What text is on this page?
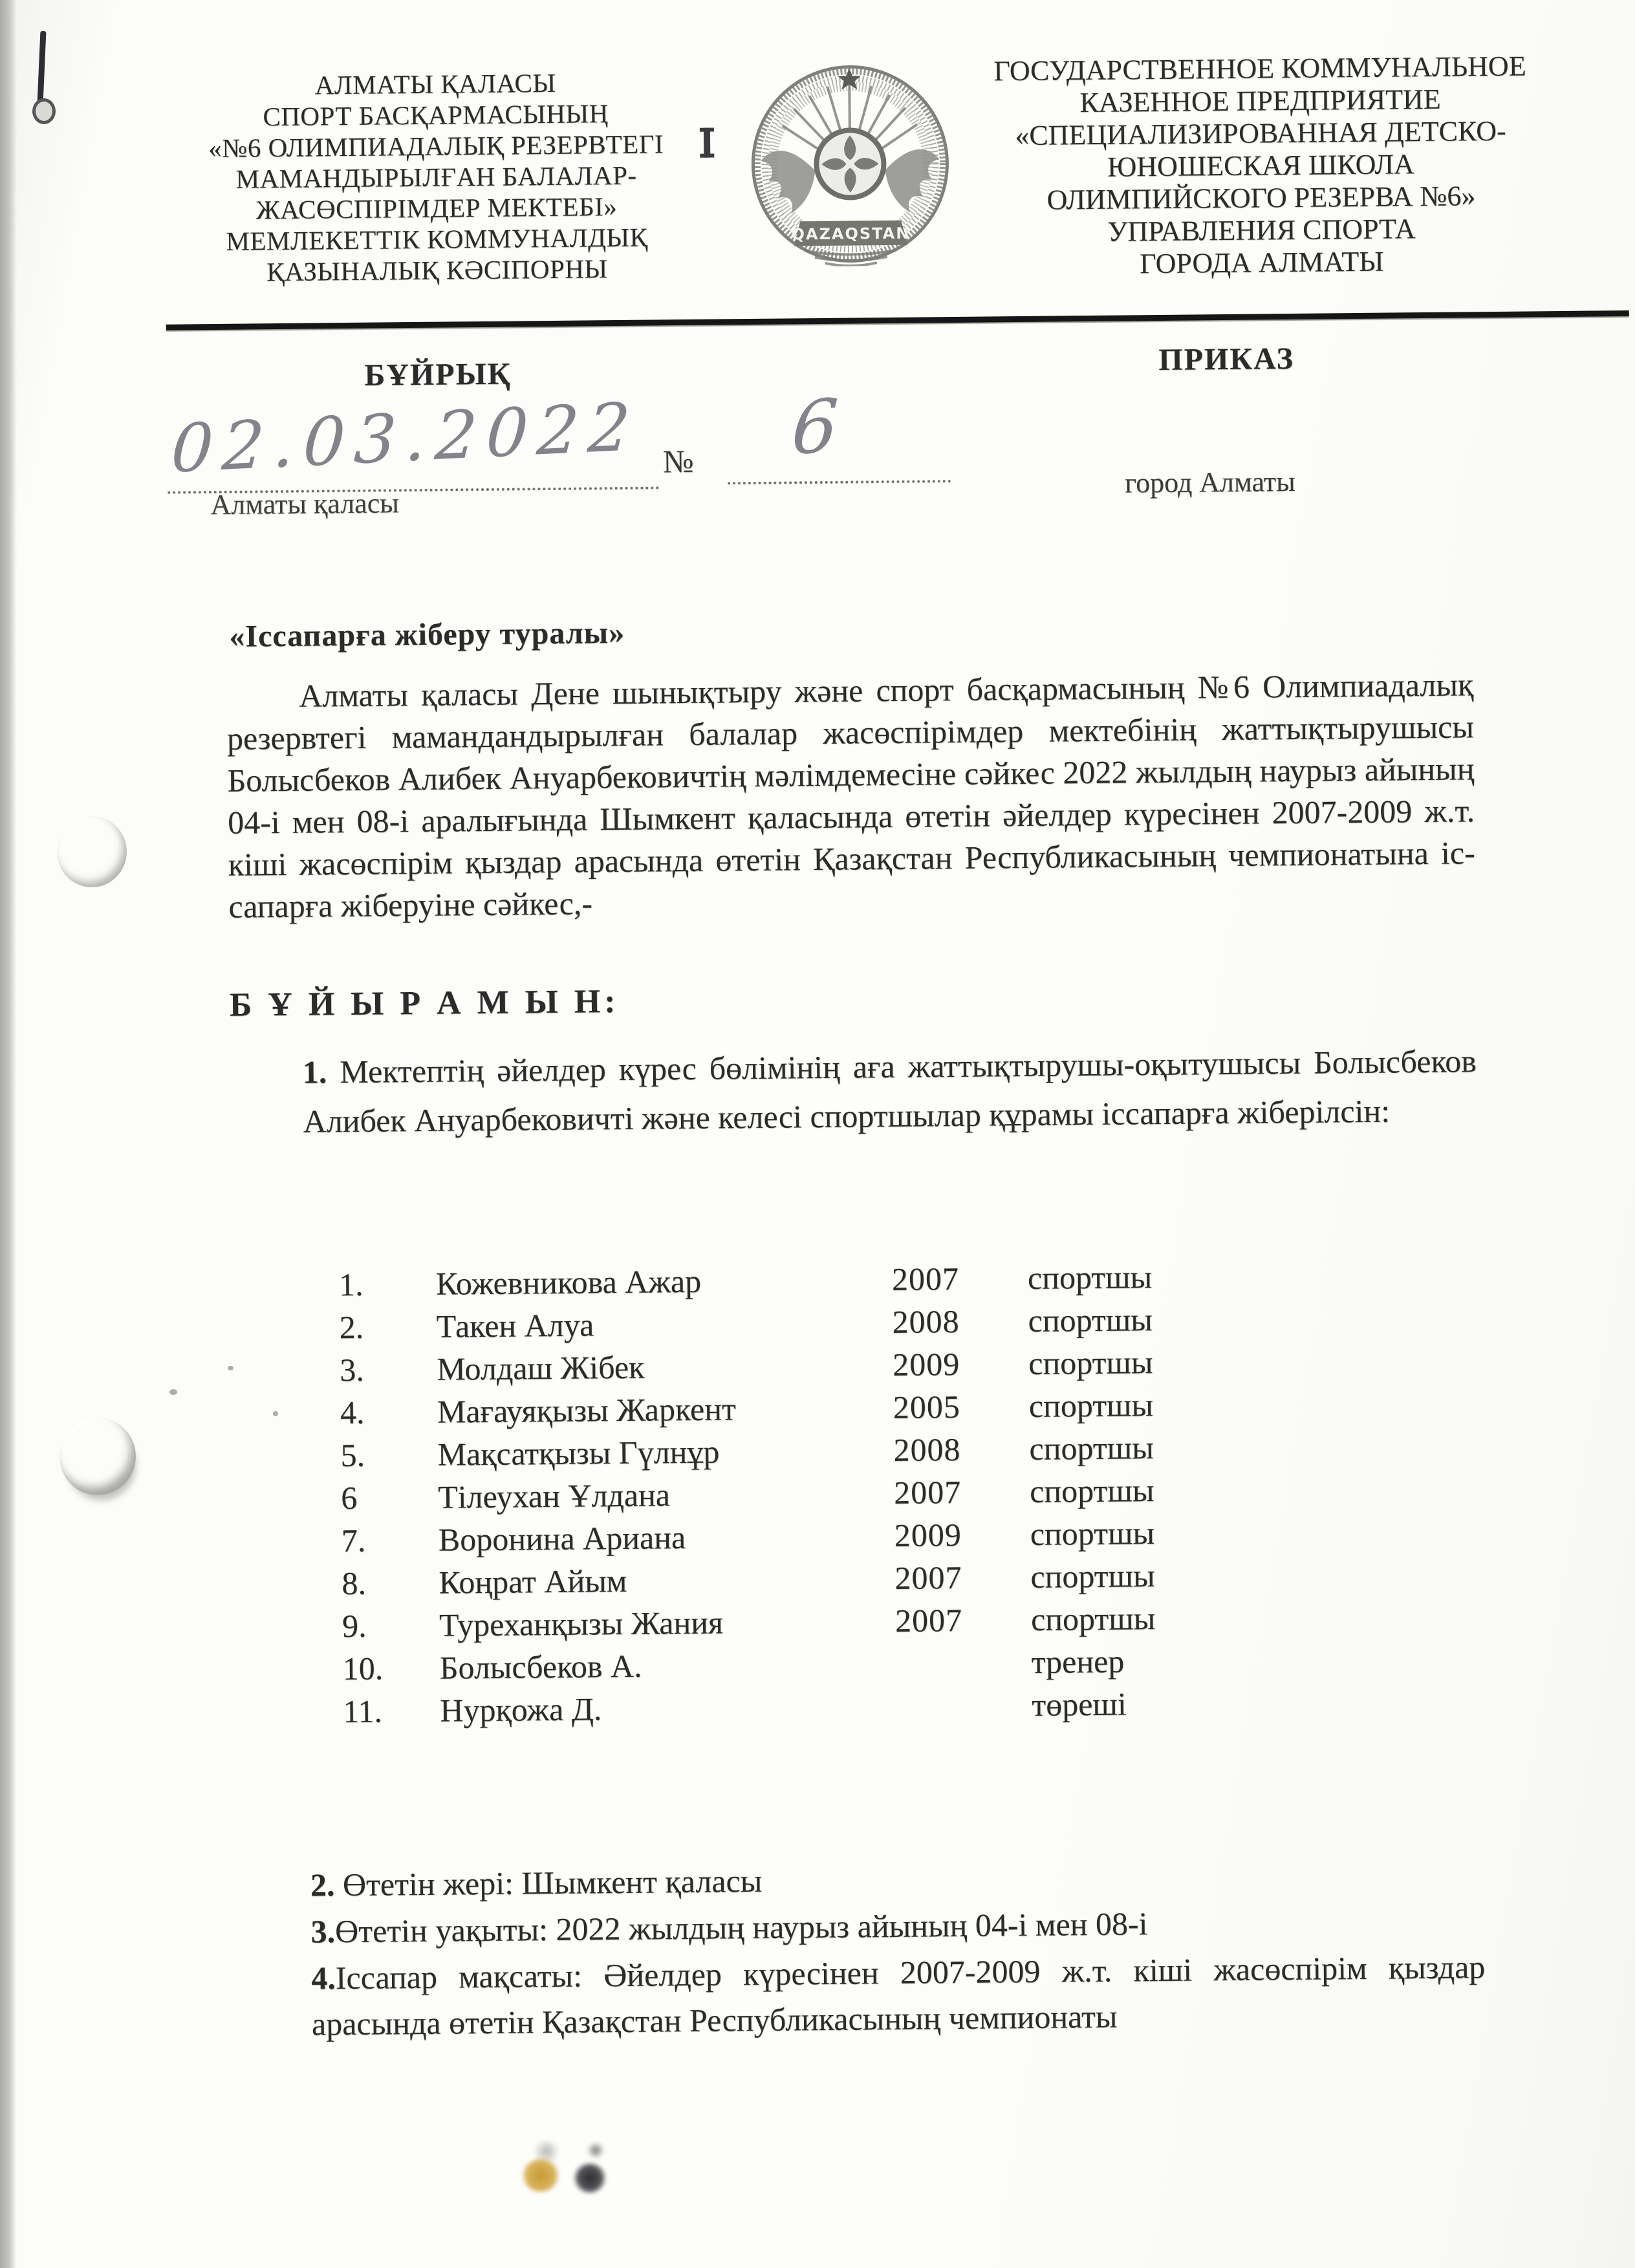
АЛМАТЫ ҚАЛАСЫ
СПОРТ БАСҚАРМАСЫНЫҢ
«№6 ОЛИМПИАДАЛЫҚ РЕЗЕРВТЕГІ
МАМАНДЫРЫЛҒАН БАЛАЛАР-
ЖАСӨСПІРІМДЕР МЕКТЕБІ»
МЕМЛЕКЕТТІК КОММУНАЛДЫҚ
ҚАЗЫНАЛЫҚ КӘСІПОРНЫ
QAZAQSTAN
ГОСУДАРСТВЕННОЕ КОММУНАЛЬНОЕ
КАЗЕННОЕ ПРЕДПРИЯТИЕ
«СПЕЦИАЛИЗИРОВАННАЯ ДЕТСКО-
ЮНОШЕСКАЯ ШКОЛА
ОЛИМПИЙСКОГО РЕЗЕРВА №6»
УПРАВЛЕНИЯ СПОРТА
ГОРОДА АЛМАТЫ
БҰЙРЫҚ	ПРИКАЗ
02.03.2022 № 6
Алматы қаласы
город Алматы
«Іссапарға жіберу туралы»
Алматы қаласы Дене шынықтыру және спорт басқармасының №6 Олимпиадалық резервтегі мамандандырылған балалар жасөспірімдер мектебінің жаттықтырушысы Болысбеков Алибек Ануарбековичтің мәлімдемесіне сәйкес 2022 жылдың наурыз айының 04-і мен 08-і аралығында Шымкент қаласында өтетін әйелдер күресінен 2007-2009 ж.т. кіші жасөспірім қыздар арасында өтетін Қазақстан Республикасының чемпионатына іс-сапарға жіберуіне сәйкес,-
Б Ұ Й Ы Р А М Ы Н:
1. Мектептің әйелдер күрес бөлімінің аға жаттықтырушы-оқытушысы Болысбеков Алибек Ануарбековичті және келесі спортшылар құрамы іссапарға жіберілсін:
1.	Кожевникова Ажар	2007	спортшы
2.	Такен Алуа	2008	спортшы
3.	Молдаш Жібек	2009	спортшы
4.	Мағауяқызы Жаркент	2005	спортшы
5.	Мақсатқызы Гүлнұр	2008	спортшы
6	Тілеухан Ұлдана	2007	спортшы
7.	Воронина Ариана	2009	спортшы
8.	Коңрат Айым	2007	спортшы
9.	Туреханқызы Жания	2007	спортшы
10.	Болысбеков А.	тренер
11.	Нурқожа Д.	төреші
2. Өтетін жері: Шымкент қаласы
3.Өтетін уақыты: 2022 жылдың наурыз айының 04-і мен 08-і
4.Іссапар мақсаты: Әйелдер күресінен 2007-2009 ж.т. кіші жасөспірім қыздар арасында өтетін Қазақстан Республикасының чемпионаты
